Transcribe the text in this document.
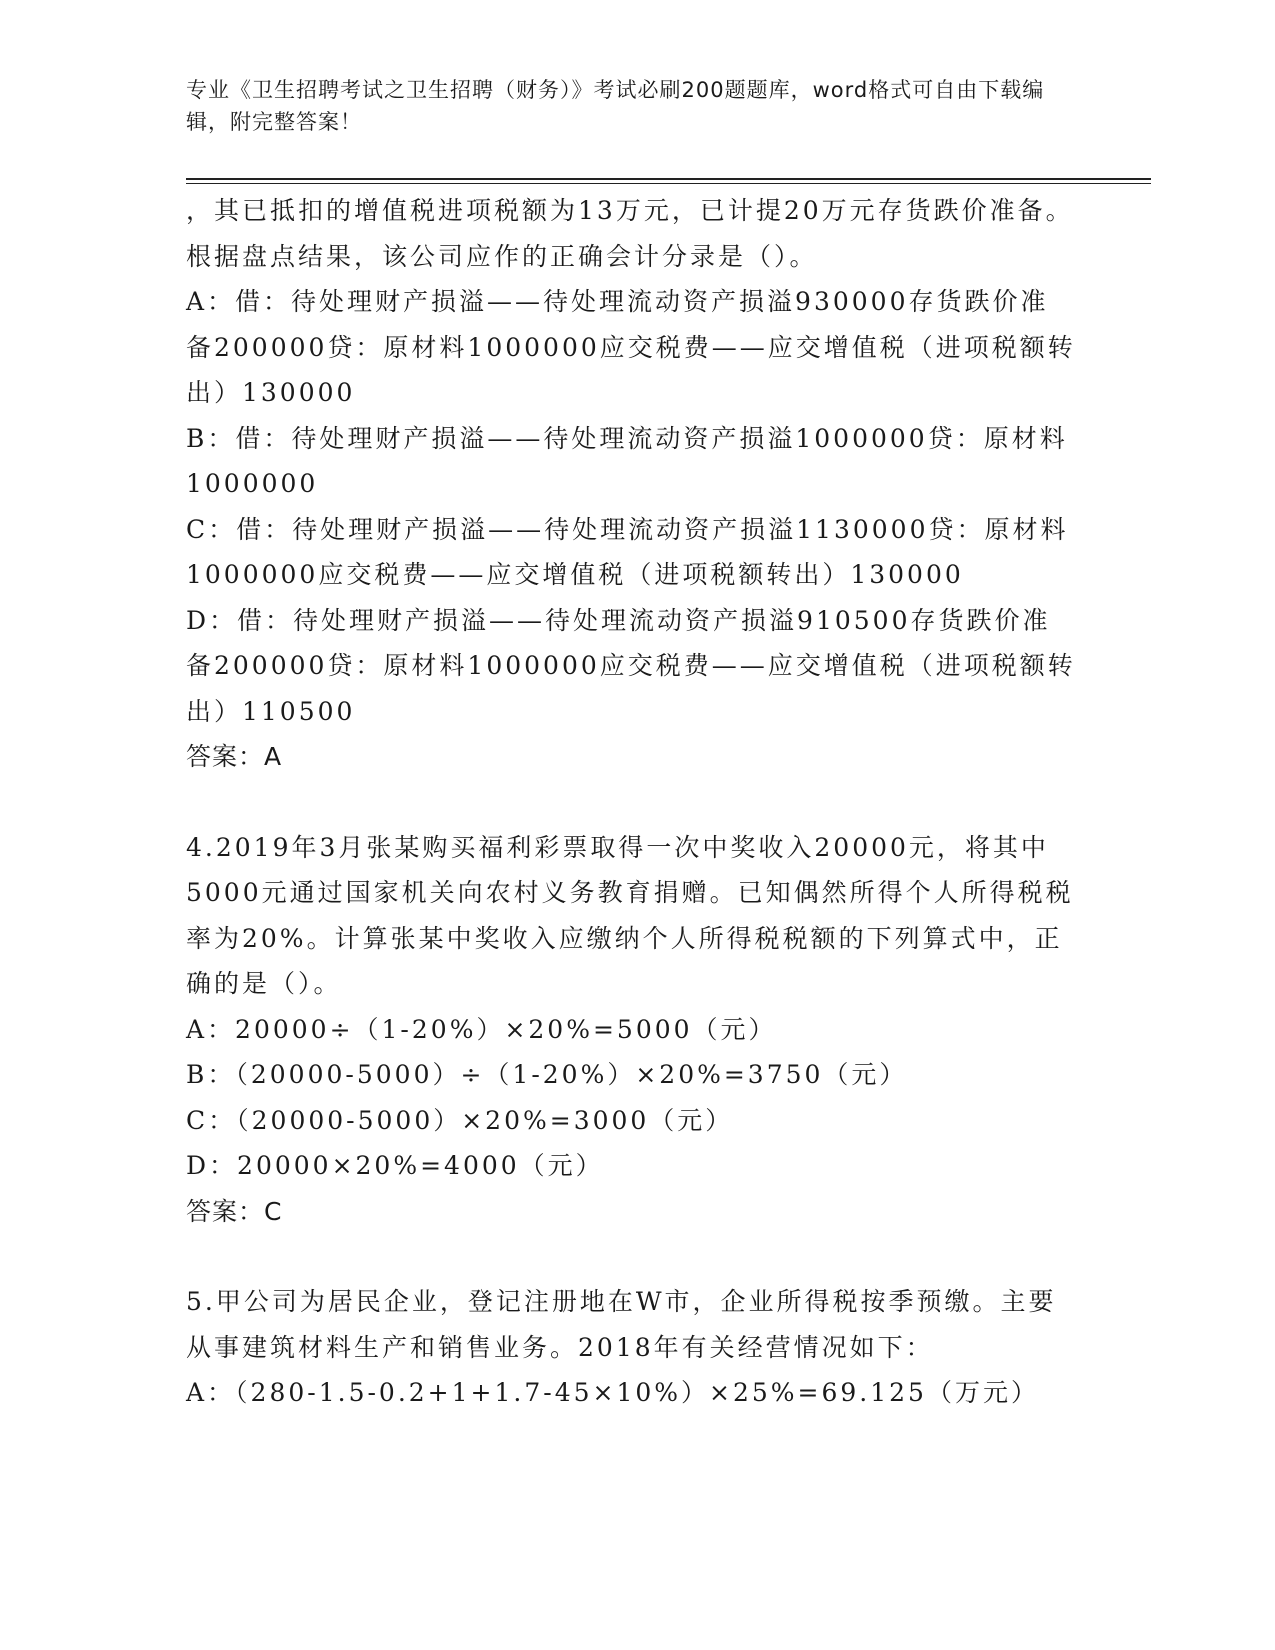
专业《卫生招聘考试之卫生招聘（财务）》考试必刷200题题库，word格式可自由下载编辑，附完整答案！

，其已抵扣的增值税进项税额为13万元，已计提20万元存货跌价准备。根据盘点结果，该公司应作的正确会计分录是（）。

A：借：待处理财产损溢——待处理流动资产损溢930000存货跌价准备200000贷：原材料1000000应交税费——应交增值税（进项税额转出）130000

B：借：待处理财产损溢——待处理流动资产损溢1000000贷：原材料1000000

C：借：待处理财产损溢——待处理流动资产损溢1130000贷：原材料1000000应交税费——应交增值税（进项税额转出）130000

D：借：待处理财产损溢——待处理流动资产损溢910500存货跌价准备200000贷：原材料1000000应交税费——应交增值税（进项税额转出）110500

答案：A

4.2019年3月张某购买福利彩票取得一次中奖收入20000元，将其中5000元通过国家机关向农村义务教育捐赠。已知偶然所得个人所得税税率为20%。计算张某中奖收入应缴纳个人所得税税额的下列算式中，正确的是（）。

A：20000÷（1-20%）×20%=5000（元）

B：（20000-5000）÷（1-20%）×20%=3750（元）

C：（20000-5000）×20%=3000（元）

D：20000×20%=4000（元）

答案：C

5.甲公司为居民企业，登记注册地在W市，企业所得税按季预缴。主要从事建筑材料生产和销售业务。2018年有关经营情况如下：

A：（280-1.5-0.2+1+1.7-45×10%）×25%=69.125（万元）
